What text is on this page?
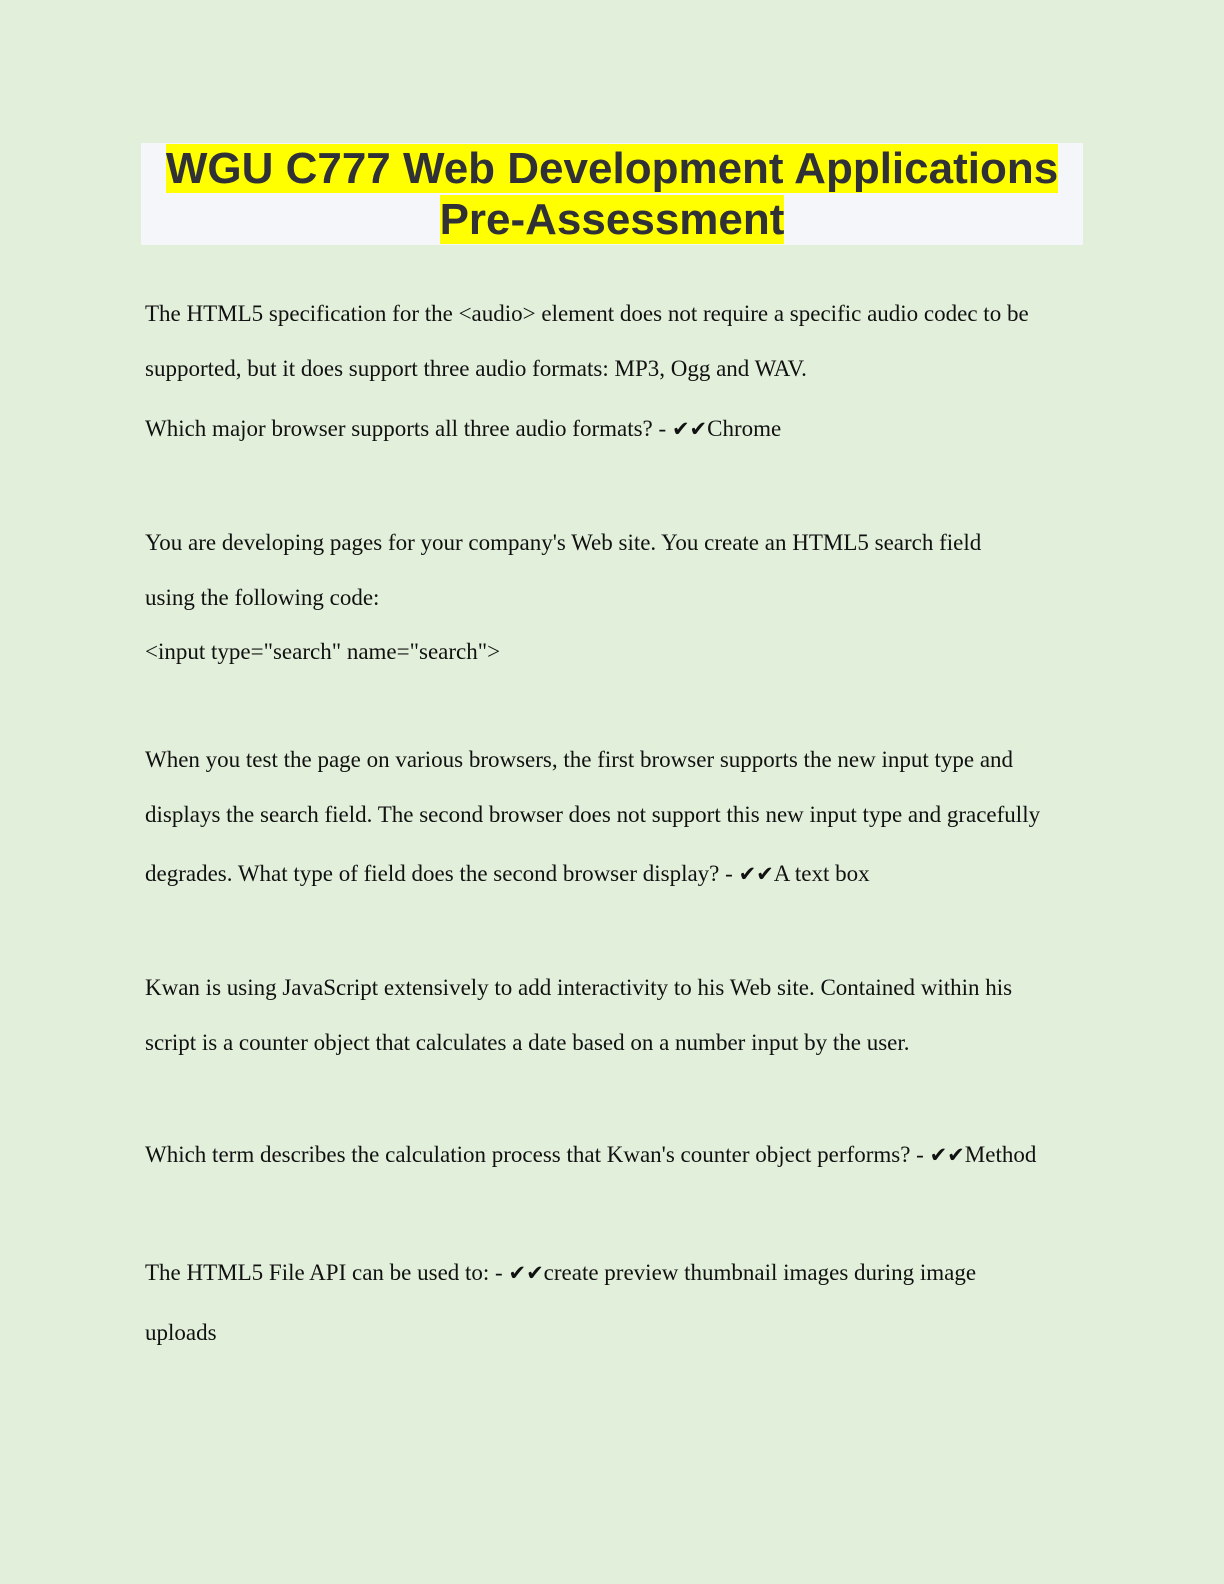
WGU C777 Web Development Applications
Pre-Assessment
The HTML5 specification for the <audio> element does not require a specific audio codec to be
supported, but it does support three audio formats: MP3, Ogg and WAV.
Which major browser supports all three audio formats? - ✔✔Chrome
You are developing pages for your company's Web site. You create an HTML5 search field
using the following code:
<input type="search" name="search">
When you test the page on various browsers, the first browser supports the new input type and
displays the search field. The second browser does not support this new input type and gracefully
degrades. What type of field does the second browser display? - ✔✔A text box
Kwan is using JavaScript extensively to add interactivity to his Web site. Contained within his
script is a counter object that calculates a date based on a number input by the user.
Which term describes the calculation process that Kwan's counter object performs? - ✔✔Method
The HTML5 File API can be used to: - ✔✔create preview thumbnail images during image
uploads
